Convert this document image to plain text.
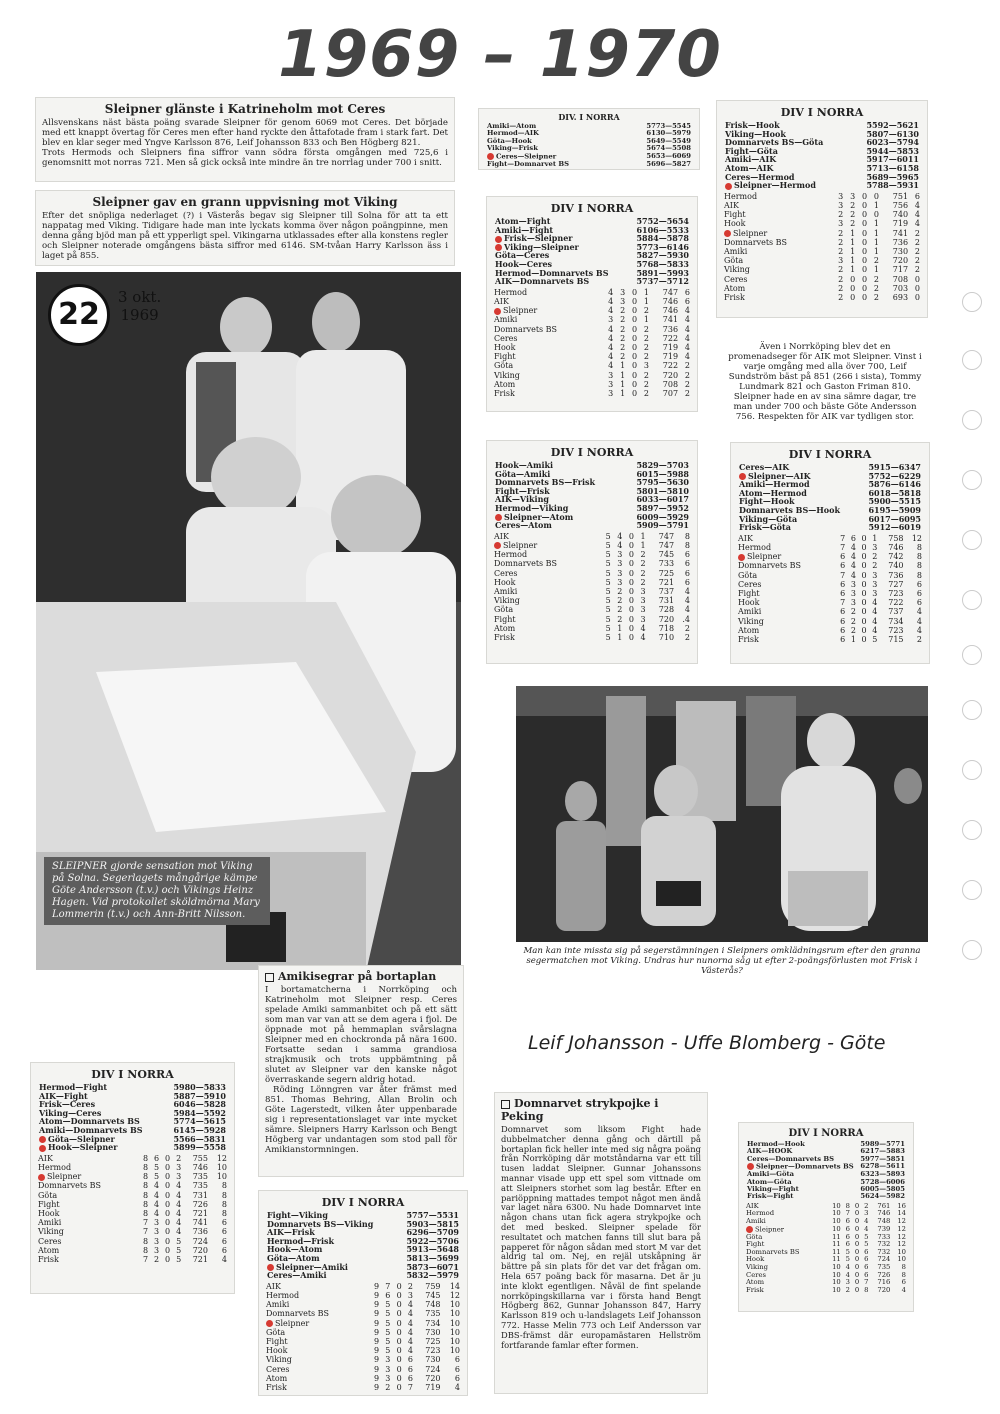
1969 – 1970
Sleipner glänste i Katrineholm mot Ceres

Allsvenskans näst bästa poäng svarade Sleipner för genom 6069 mot Ceres. Det började med ett knappt övertag för Ceres men efter hand ryckte den åttafotade fram i stark fart. Det blev en klar seger med Yngve Karlsson 876, Leif Johansson 833 och Ben Högberg 821.

Trots Hermods och Sleipners fina siffror vann södra första omgången med 725,6 i genomsnitt mot norras 721. Men så gick också inte mindre än tre norrlag under 700 i snitt.

Sleipner gav en grann uppvisning mot Viking

Efter det snöpliga nederlaget (?) i Västerås begav sig Sleipner till Solna för att ta ett nappatag med Viking. Tidigare hade man inte lyckats komma över någon poängpinne, men denna gång bjöd man på ett ypperligt spel. Vikingarna utklassades efter alla konstens regler och Sleipner noterade omgångens bästa siffror med 6146. SM-tvåan Harry Karlsson äss i laget på 855.

22	3 okt.
1969
SLEIPNER gjorde sensation mot Viking på Solna. Segerlagets mångårige kämpe Göte Andersson (t.v.) och Vikings Heinz Hagen. Vid protokollet sköldmörna Mary Lommerin (t.v.) och Ann-Britt Nilsson.
DIV. I NORRA
Amiki—Atom	5773—5545
Hermod—AIK	6130—5979
Göta—Hook	5649—5549
Viking—Frisk	5674—5508
Ceres—Sleipner	5653—6069
Fight—Domnarvet BS	5696—5827
DIV I NORRA
Atom—Fight	5752—5654
Amiki—Fight	6106—5533
Frisk—Sleipner	5884—5878
Viking—Sleipner	5773—6146
Göta—Ceres	5827—5930
Hook—Ceres	5768—5833
Hermod—Domnarvets BS	5891—5993
AIK—Domnarvets BS	5737—5712
Hermod	4	3	0	1	747	6
AIK	4	3	0	1	746	6
Sleipner	4	2	0	2	746	4
Amiki	3	2	0	1	741	4
Domnarvets BS	4	2	0	2	736	4
Ceres	4	2	0	2	722	4
Hook	4	2	0	2	719	4
Fight	4	2	0	2	719	4
Göta	4	1	0	3	722	2
Viking	3	1	0	2	720	2
Atom	3	1	0	2	708	2
Frisk	3	1	0	2	707	2
DIV I NORRA
Frisk—Hook	5592—5621
Viking—Hook	5807—6130
Domnarvets BS—Göta	6023—5794
Fight—Göta	5944—5853
Amiki—AIK	5917—6011
Atom—AIK	5713—6158
Ceres—Hermod	5689—5965
Sleipner—Hermod	5788—5931
Hermod	3	3	0	0	751	6
AIK	3	2	0	1	756	4
Fight	2	2	0	0	740	4
Hook	3	2	0	1	719	4
Sleipner	2	1	0	1	741	2
Domnarvets BS	2	1	0	1	736	2
Amiki	2	1	0	1	730	2
Göta	3	1	0	2	720	2
Viking	2	1	0	1	717	2
Ceres	2	0	0	2	708	0
Atom	2	0	0	2	703	0
Frisk	2	0	0	2	693	0

Även i Norrköping blev det en promenadseger för AIK mot Sleipner. Vinst i varje omgång med alla över 700, Leif Sundström bäst på 851 (266 i sista), Tommy Lundmark 821 och Gaston Friman 810.

Sleipner hade en av sina sämre dagar, tre man under 700 och bäste Göte Andersson 756. Respekten för AIK var tydligen stor.

DIV I NORRA
Hook—Amiki	5829—5703
Göta—Amiki	6015—5988
Domnarvets BS—Frisk	5795—5630
Fight—Frisk	5801—5810
AIK—Viking	6033—6017
Hermod—Viking	5897—5952
Sleipner—Atom	6009—5929
Ceres—Atom	5909—5791
AIK	5	4	0	1	747	8
Sleipner	5	4	0	1	747	8
Hermod	5	3	0	2	745	6
Domnarvets BS	5	3	0	2	733	6
Ceres	5	3	0	2	725	6
Hook	5	3	0	2	721	6
Amiki	5	2	0	3	737	4
Viking	5	2	0	3	731	4
Göta	5	2	0	3	728	4
Fight	5	2	0	3	720	.4
Atom	5	1	0	4	718	2
Frisk	5	1	0	4	710	2
DIV I NORRA
Ceres—AIK	5915—6347
Sleipner—AIK	5752—6229
Amiki—Hermod	5876—6146
Atom—Hermod	6018—5818
Fight—Hook	5900—5515
Domnarvets BS—Hook	6195—5909
Viking—Göta	6017—6095
Frisk—Göta	5912—6019
AIK	7	6	0	1	758	12
Hermod	7	4	0	3	746	8
Sleipner	6	4	0	2	742	8
Domnarvets BS	6	4	0	2	740	8
Göta	7	4	0	3	736	8
Ceres	6	3	0	3	727	6
Fight	6	3	0	3	723	6
Hook	7	3	0	4	722	6
Amiki	6	2	0	4	737	4
Viking	6	2	0	4	734	4
Atom	6	2	0	4	723	4
Frisk	6	1	0	5	715	2
Man kan inte missta sig på segerstämningen i Sleipners omklädningsrum efter den granna segermatchen mot Viking. Undras hur nunorna såg ut efter 2-poängsförlusten mot Frisk i Västerås?
Leif Johansson - Uffe Blomberg - Göte
Amikisegrar på bortaplan

I bortamatcherna i Norrköping och Katrineholm mot Sleipner resp. Ceres spelade Amiki sammanbitet och på ett sätt som man var van att se dem agera i fjol. De öppnade mot på hemmaplan svårslagna Sleipner med en chockronda på nära 1600. Fortsatte sedan i samma grandiosa strajkmusik och trots uppbämtning på slutet av Sleipner var den kanske något överraskande segern aldrig hotad.

Röding Lönngren var åter främst med 851. Thomas Behring, Allan Brolin och Göte Lagerstedt, vilken åter uppenbarade sig i representationslaget var inte mycket sämre. Sleipners Harry Karlsson och Bengt Högberg var undantagen som stod pall för Amikianstormningen.

DIV I NORRA
Hermod—Fight	5980—5833
AIK—Fight	5887—5910
Frisk—Ceres	6046—5828
Viking—Ceres	5984—5592
Atom—Domnarvets BS	5774—5615
Amiki—Domnarvets BS	6145—5928
Göta—Sleipner	5566—5831
Hook—Sleipner	5899—5558
AIK	8	6	0	2	755	12
Hermod	8	5	0	3	746	10
Sleipner	8	5	0	3	735	10
Domnarvets BS	8	4	0	4	735	8
Göta	8	4	0	4	731	8
Fight	8	4	0	4	726	8
Hook	8	4	0	4	721	8
Amiki	7	3	0	4	741	6
Viking	7	3	0	4	736	6
Ceres	8	3	0	5	724	6
Atom	8	3	0	5	720	6
Frisk	7	2	0	5	721	4
DIV I NORRA
Fight—Viking	5757—5531
Domnarvets BS—Viking	5903—5815
AIK—Frisk	6296—5709
Hermod—Frisk	5922—5706
Hook—Atom	5913—5648
Göta—Atom	5813—5699
Sleipner—Amiki	5873—6071
Ceres—Amiki	5832—5979
AIK	9	7	0	2	759	14
Hermod	9	6	0	3	745	12
Amiki	9	5	0	4	748	10
Domnarvets BS	9	5	0	4	735	10
Sleipner	9	5	0	4	734	10
Göta	9	5	0	4	730	10
Fight	9	5	0	4	725	10
Hook	9	5	0	4	723	10
Viking	9	3	0	6	730	6
Ceres	9	3	0	6	724	6
Atom	9	3	0	6	720	6
Frisk	9	2	0	7	719	4
Domnarvet strykpojke i Peking

Domnarvet som liksom Fight hade dubbelmatcher denna gång och därtill på bortaplan fick heller inte med sig några poäng från Norrköping där motståndarna var ett till tusen laddat Sleipner. Gunnar Johanssons mannar visade upp ett spel som vittnade om att Sleipners storhet som lag består. Efter en pariöppning mattades tempot något men ändå var laget nära 6300. Nu hade Domnarvet inte någon chans utan fick agera strykpojke och det med besked. Sleipner spelade för resultatet och matchen fanns till slut bara på papperet för någon sådan med stort M var det aldrig tal om. Nej, en rejäl utskåpning är bättre på sin plats för det var det frågan om. Hela 657 poäng back för masarna. Det är ju inte klokt egentligen. Nåväl de fint spelande norrköpingskillarna var i första hand Bengt Högberg 862, Gunnar Johansson 847, Harry Karlsson 819 och u-landslagets Leif Johansson 772. Hasse Melin 773 och Leif Andersson var DBS-främst där europamästaren Hellström fortfarande famlar efter formen.

DIV I NORRA
Hermod—Hook	5989—5771
AIK—HOOK	6217—5883
Ceres—Domnarvets BS	5977—5851
Sleipner—Domnarvets BS	6278—5611
Amiki—Göta	6323—5893
Atom—Göta	5728—6006
Viking—Fight	6005—5805
Frisk—Fight	5624—5982
AIK	10	8	0	2	761	16
Hermod	10	7	0	3	746	14
Amiki	10	6	0	4	748	12
Sleipner	10	6	0	4	739	12
Göta	11	6	0	5	733	12
Fight	11	6	0	5	732	12
Domnarvets BS	11	5	0	6	732	10
Hook	11	5	0	6	724	10
Viking	10	4	0	6	735	8
Ceres	10	4	0	6	726	8
Atom	10	3	0	7	716	6
Frisk	10	2	0	8	720	4
